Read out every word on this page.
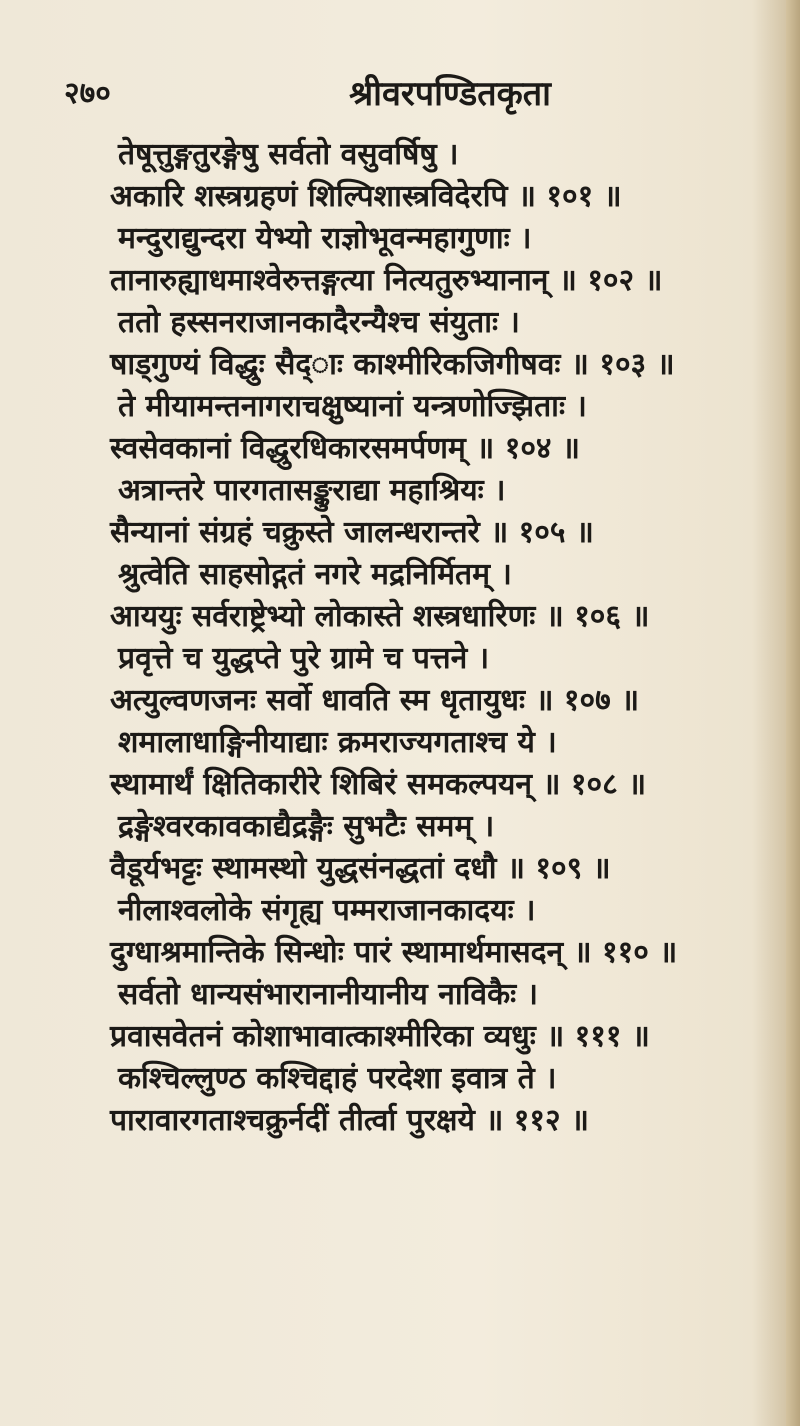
२७०	श्रीवरपण्डितकृता
तेषूत्तुङ्गतुरङ्गेषु सर्वतो वसुवर्षिषु ।
अकारि शस्त्रग्रहणं शिल्पिशास्त्रविदेरपि ॥ १०१ ॥
मन्दुराद्युन्दरा येभ्यो राज्ञोभूवन्महागुणाः ।
तानारुह्याधमाश्वेरुत्तङ्गत्या नित्यतुरुभ्यानान् ॥ १०२ ॥
ततो हस्सनराजानकादैरन्यैश्च संयुताः ।
षाड्गुण्यं विद्धुः सैद्ाः काश्मीरिकजिगीषवः ॥ १०३ ॥
ते मीयामन्तनागराचक्षुष्यानां यन्त्रणोज्झिताः ।
स्वसेवकानां विद्धुरधिकारसमर्पणम् ॥ १०४ ॥
अत्रान्तरे पारगतासङ्कुराद्या महाश्रियः ।
सैन्यानां संग्रहं चक्रुस्ते जालन्धरान्तरे ॥ १०५ ॥
श्रुत्वेति साहसोद्गतं नगरे मद्रनिर्मितम् ।
आययुः सर्वराष्ट्रेभ्यो लोकास्ते शस्त्रधारिणः ॥ १०६ ॥
प्रवृत्ते च युद्धप्ते पुरे ग्रामे च पत्तने ।
अत्युल्वणजनः सर्वो धावति स्म धृतायुधः ॥ १०७ ॥
शमालाधाङ्गिनीयाद्याः क्रमराज्यगताश्च ये ।
स्थामार्थं क्षितिकारीरे शिबिरं समकल्पयन् ॥ १०८ ॥
द्रङ्गेश्वरकावकाद्यैद्रङ्गैः सुभटैः समम् ।
वैडूर्यभट्टः स्थामस्थो युद्धसंनद्धतां दधौ ॥ १०९ ॥
नीलाश्वलोके संगृह्य पम्मराजानकादयः ।
दुग्धाश्रमान्तिके सिन्धोः पारं स्थामार्थमासदन् ॥ ११० ॥
सर्वतो धान्यसंभारानानीयानीय नाविकैः ।
प्रवासवेतनं कोशाभावात्काश्मीरिका व्यधुः ॥ १११ ॥
कश्चिल्लुण्ठ कश्चिद्दाहं परदेशा इवात्र ते ।
पारावारगताश्चक्रुर्नदीं तीर्त्वा पुरक्षये ॥ ११२ ॥
